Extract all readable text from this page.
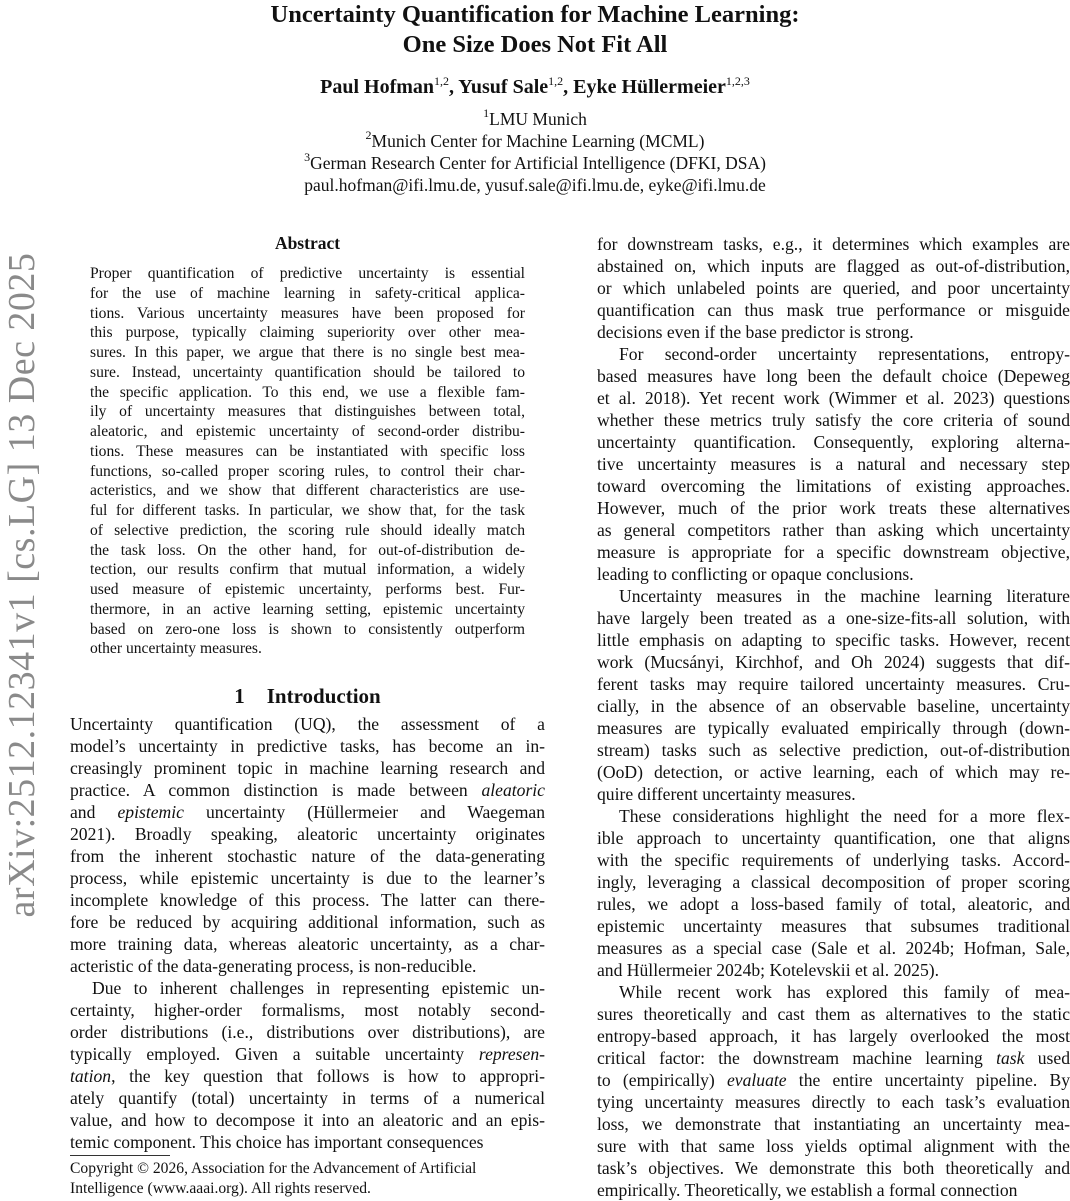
Uncertainty Quantification for Machine Learning:
One Size Does Not Fit All
Paul Hofman$^{1,2}$, Yusuf Sale$^{1,2}$, Eyke Hüllermeier$^{1,2,3}$
$^1$LMU Munich
$^2$Munich Center for Machine Learning (MCML)
$^3$German Research Center for Artificial Intelligence (DFKI, DSA)
paul.hofman@ifi.lmu.de, yusuf.sale@ifi.lmu.de, eyke@ifi.lmu.de
arXiv:2512.12341v1 [cs.LG] 13 Dec 2025
Abstract
Proper quantification of predictive uncertainty is essential
for the use of machine learning in safety-critical applica-
tions. Various uncertainty measures have been proposed for
this purpose, typically claiming superiority over other mea-
sures. In this paper, we argue that there is no single best mea-
sure. Instead, uncertainty quantification should be tailored to
the specific application. To this end, we use a flexible fam-
ily of uncertainty measures that distinguishes between total,
aleatoric, and epistemic uncertainty of second-order distribu-
tions. These measures can be instantiated with specific loss
functions, so-called proper scoring rules, to control their char-
acteristics, and we show that different characteristics are use-
ful for different tasks. In particular, we show that, for the task
of selective prediction, the scoring rule should ideally match
the task loss. On the other hand, for out-of-distribution de-
tection, our results confirm that mutual information, a widely
used measure of epistemic uncertainty, performs best. Fur-
thermore, in an active learning setting, epistemic uncertainty
based on zero-one loss is shown to consistently outperform
other uncertainty measures.
1 Introduction
Uncertainty quantification (UQ), the assessment of a
model’s uncertainty in predictive tasks, has become an in-
creasingly prominent topic in machine learning research and
practice. A common distinction is made between aleatoric
and epistemic uncertainty (Hüllermeier and Waegeman
2021). Broadly speaking, aleatoric uncertainty originates
from the inherent stochastic nature of the data-generating
process, while epistemic uncertainty is due to the learner’s
incomplete knowledge of this process. The latter can there-
fore be reduced by acquiring additional information, such as
more training data, whereas aleatoric uncertainty, as a char-
acteristic of the data-generating process, is non-reducible.
Due to inherent challenges in representing epistemic un-
certainty, higher-order formalisms, most notably second-
order distributions (i.e., distributions over distributions), are
typically employed. Given a suitable uncertainty represen-
tation, the key question that follows is how to appropri-
ately quantify (total) uncertainty in terms of a numerical
value, and how to decompose it into an aleatoric and an epis-
temic component. This choice has important consequences
for downstream tasks, e.g., it determines which examples are
abstained on, which inputs are flagged as out-of-distribution,
or which unlabeled points are queried, and poor uncertainty
quantification can thus mask true performance or misguide
decisions even if the base predictor is strong.
For second-order uncertainty representations, entropy-
based measures have long been the default choice (Depeweg
et al. 2018). Yet recent work (Wimmer et al. 2023) questions
whether these metrics truly satisfy the core criteria of sound
uncertainty quantification. Consequently, exploring alterna-
tive uncertainty measures is a natural and necessary step
toward overcoming the limitations of existing approaches.
However, much of the prior work treats these alternatives
as general competitors rather than asking which uncertainty
measure is appropriate for a specific downstream objective,
leading to conflicting or opaque conclusions.
Uncertainty measures in the machine learning literature
have largely been treated as a one-size-fits-all solution, with
little emphasis on adapting to specific tasks. However, recent
work (Mucsányi, Kirchhof, and Oh 2024) suggests that dif-
ferent tasks may require tailored uncertainty measures. Cru-
cially, in the absence of an observable baseline, uncertainty
measures are typically evaluated empirically through (down-
stream) tasks such as selective prediction, out-of-distribution
(OoD) detection, or active learning, each of which may re-
quire different uncertainty measures.
These considerations highlight the need for a more flex-
ible approach to uncertainty quantification, one that aligns
with the specific requirements of underlying tasks. Accord-
ingly, leveraging a classical decomposition of proper scoring
rules, we adopt a loss-based family of total, aleatoric, and
epistemic uncertainty measures that subsumes traditional
measures as a special case (Sale et al. 2024b; Hofman, Sale,
and Hüllermeier 2024b; Kotelevskii et al. 2025).
While recent work has explored this family of mea-
sures theoretically and cast them as alternatives to the static
entropy-based approach, it has largely overlooked the most
critical factor: the downstream machine learning task used
to (empirically) evaluate the entire uncertainty pipeline. By
tying uncertainty measures directly to each task’s evaluation
loss, we demonstrate that instantiating an uncertainty mea-
sure with that same loss yields optimal alignment with the
task’s objectives. We demonstrate this both theoretically and
empirically. Theoretically, we establish a formal connection
Copyright © 2026, Association for the Advancement of Artificial
Intelligence (www.aaai.org). All rights reserved.
